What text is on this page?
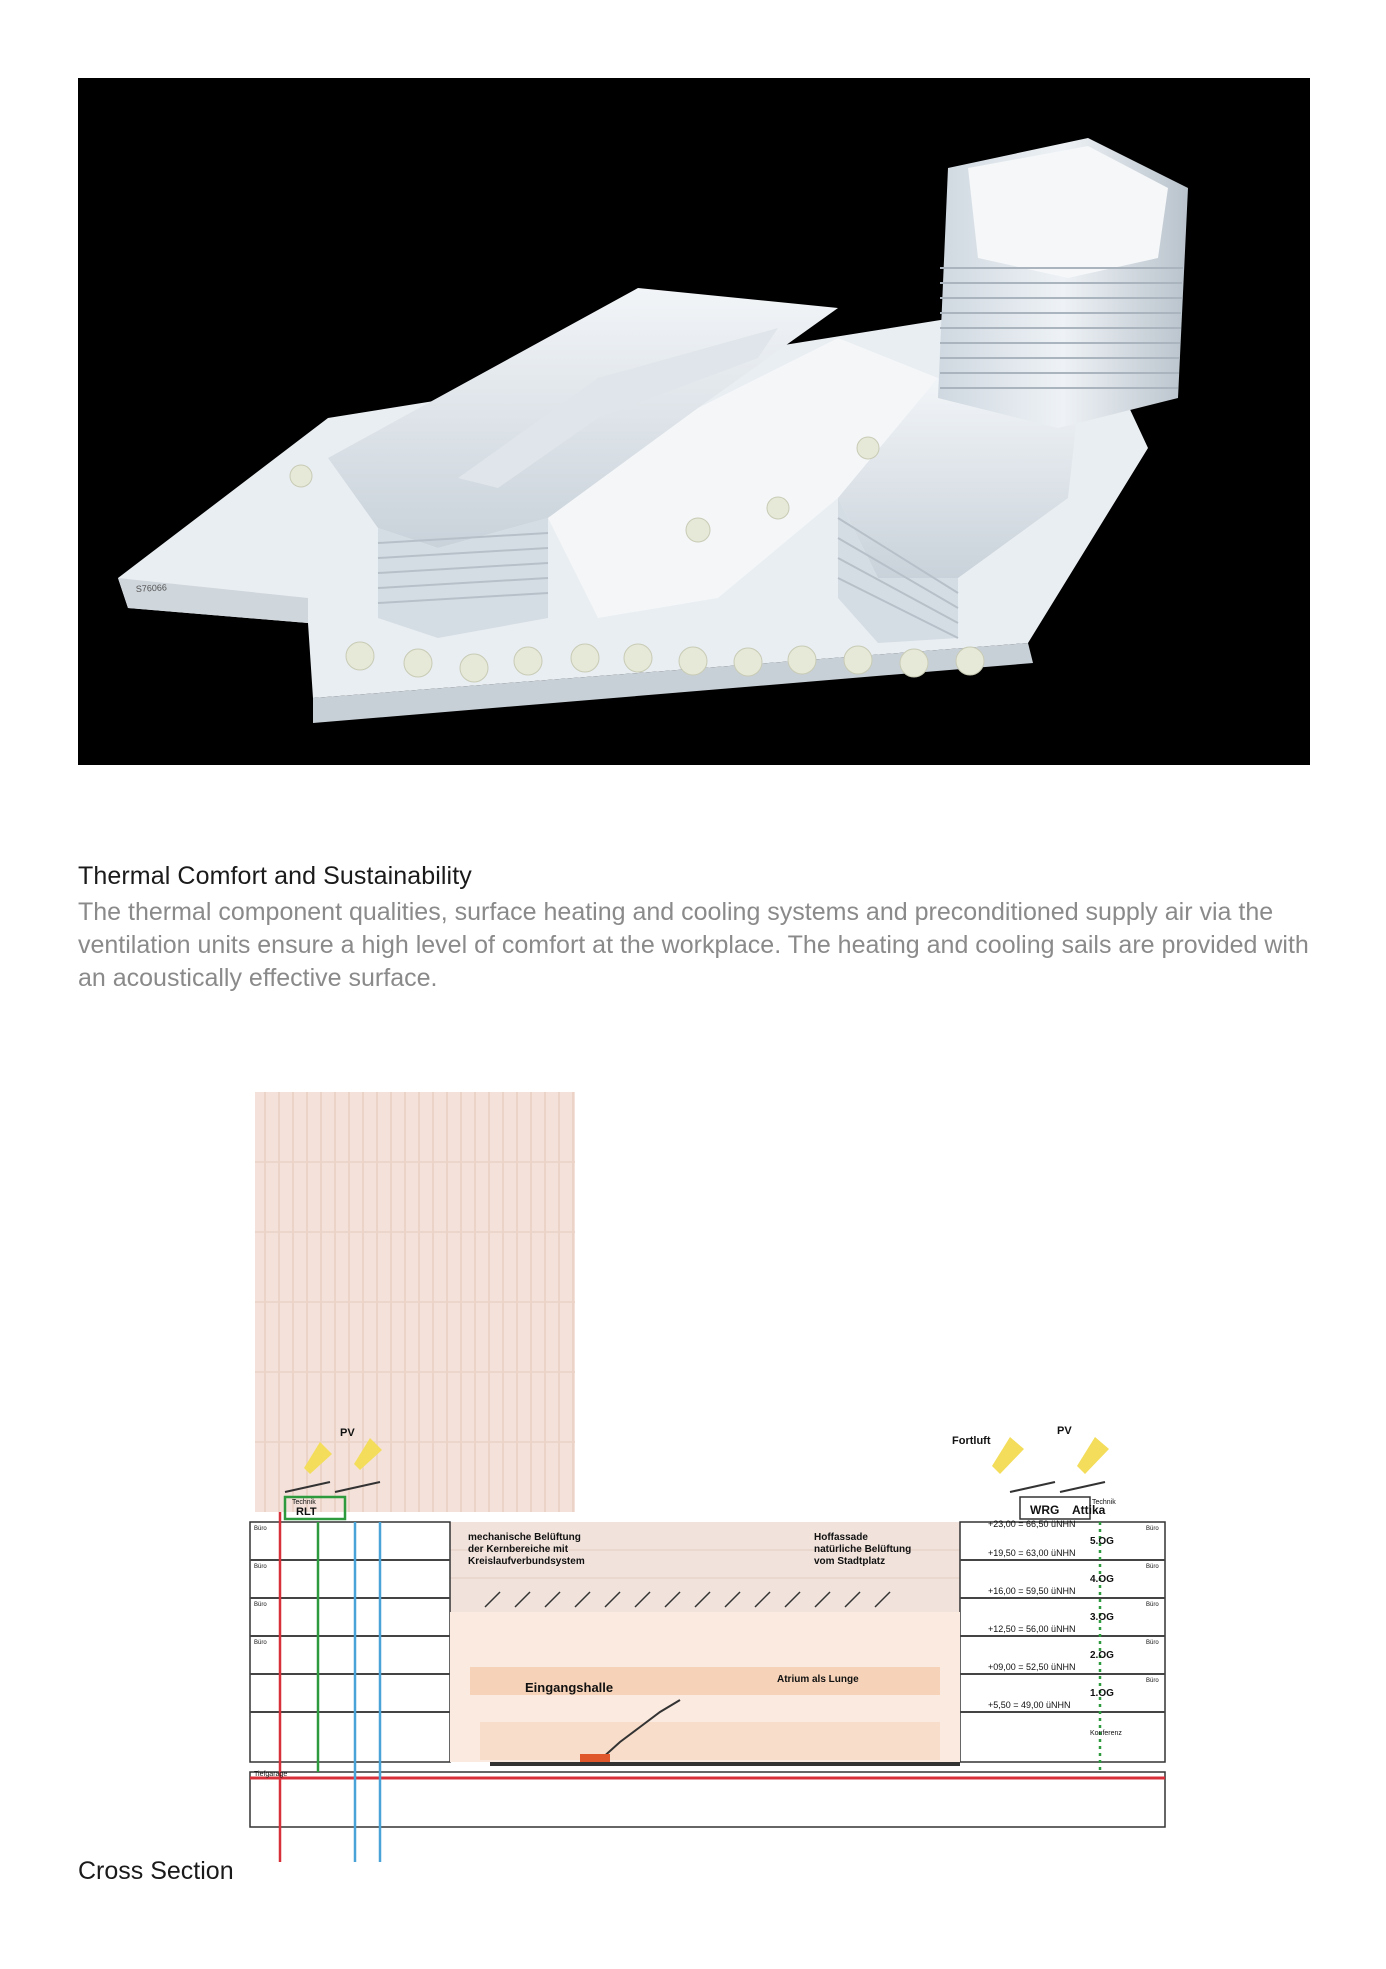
S76066
Thermal Comfort and Sustainability
The thermal component qualities, surface heating and cooling systems and preconditioned supply air via the ventilation units ensure a high level of comfort at the workplace. The heating and cooling sails are provided with an acoustically effective surface.
PV	PV
Fortluft
Technik
RLT
Technik
WRG Attika
mechanische Belüftung
der Kernbereiche mit
Kreislaufverbundsystem
Hoffassade
natürliche Belüftung
vom Stadtplatz
Eingangshalle
Atrium als Lunge
Konferenz
Tiefgarage
Büro
Büro
Büro
Büro
Büro
Büro
Büro
Büro
Büro
5.OG
4.OG
3.OG
2.OG
1.OG
+23,00 = 66,50 üNHN
+19,50 = 63,00 üNHN
+16,00 = 59,50 üNHN
+12,50 = 56,00 üNHN
+09,00 = 52,50 üNHN
+5,50 = 49,00 üNHN
Cross Section
